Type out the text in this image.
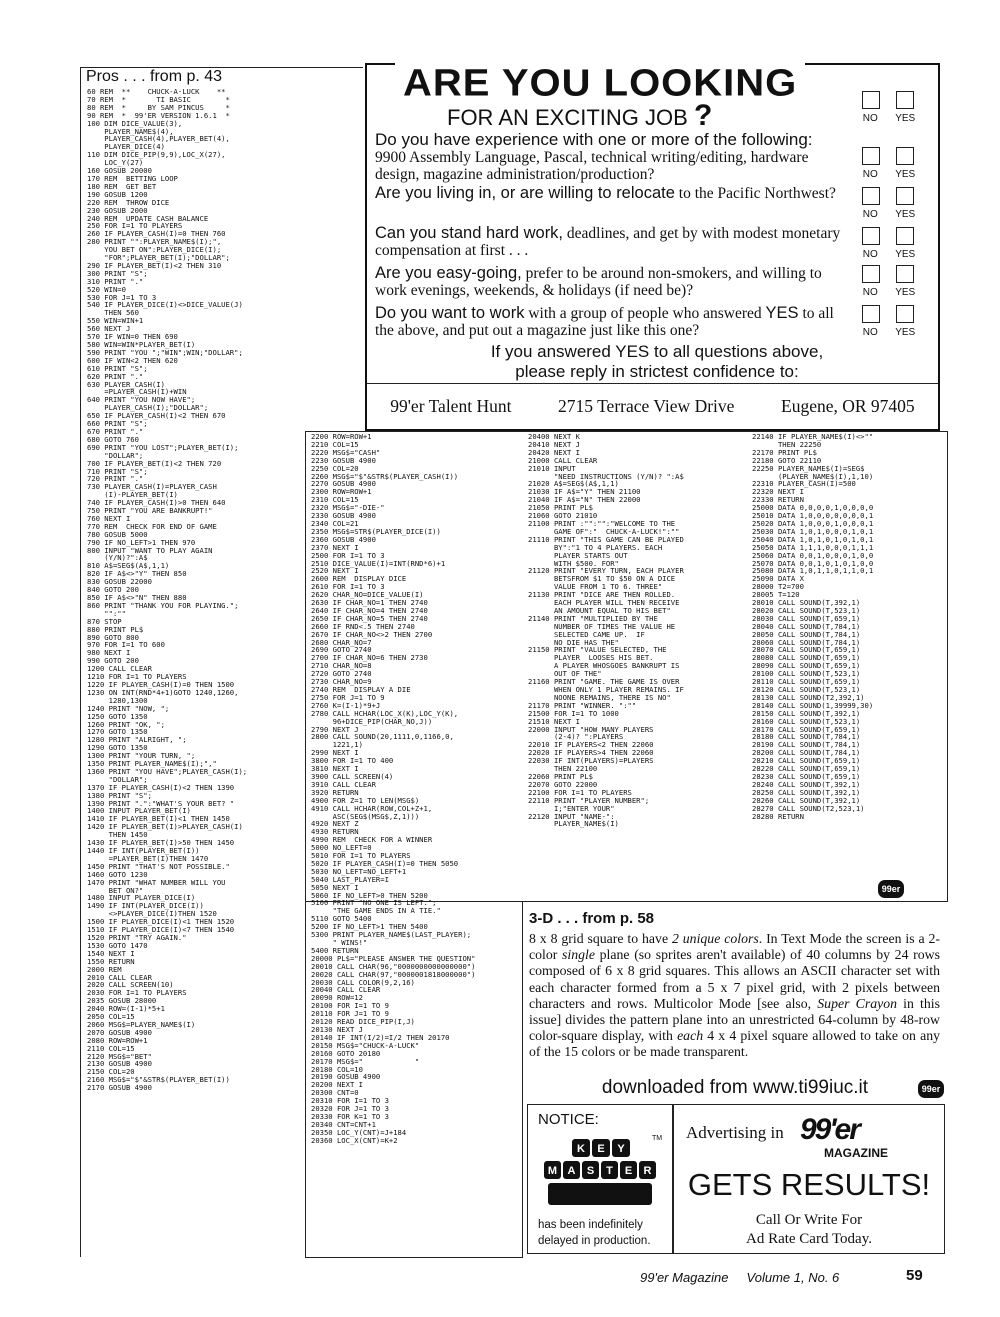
Pros . . . from p. 43
60 REM  **    CHUCK-A-LUCK    **
70 REM  *       TI BASIC        *
80 REM  *     BY SAM PINCUS     *
90 REM  *  99'ER VERSION 1.6.1  *
100 DIM DICE_VALUE(3),
PLAYER_NAME$(4),
PLAYER_CASH(4),PLAYER_BET(4),
PLAYER_DICE(4)
110 DIM DICE_PIP(9,9),LOC_X(27),
LOC_Y(27)
160 GOSUB 20000
170 REM  BETTING LOOP
180 REM  GET BET
190 GOSUB 1200
220 REM  THROW DICE
230 GOSUB 2000
240 REM  UPDATE CASH BALANCE
250 FOR I=1 TO PLAYERS
260 IF PLAYER_CASH(I)=0 THEN 760
280 PRINT "":PLAYER_NAME$(I);",
YOU BET ON":PLAYER_DICE(I);
"FOR";PLAYER_BET(I);"DOLLAR";
290 IF PLAYER_BET(I)<2 THEN 310
300 PRINT "S";
310 PRINT "."
520 WIN=0
530 FOR J=1 TO 3
540 IF PLAYER_DICE(I)<>DICE_VALUE(J)
THEN 560
550 WIN=WIN+1
560 NEXT J
570 IF WIN=0 THEN 690
580 WIN=WIN*PLAYER_BET(I)
590 PRINT "YOU ";"WIN";WIN;"DOLLAR";
600 IF WIN<2 THEN 620
610 PRINT "S";
620 PRINT "."
630 PLAYER_CASH(I)
=PLAYER_CASH(I)+WIN
640 PRINT "YOU NOW HAVE";
PLAYER_CASH(I);"DOLLAR";
650 IF PLAYER_CASH(I)<2 THEN 670
660 PRINT "S";
670 PRINT "."
680 GOTO 760
690 PRINT "YOU LOST";PLAYER_BET(I);
"DOLLAR";
700 IF PLAYER_BET(I)<2 THEN 720
710 PRINT "S";
720 PRINT "."
730 PLAYER_CASH(I)=PLAYER_CASH
(I)-PLAYER_BET(I)
740 IF PLAYER_CASH(I)>0 THEN 640
750 PRINT "YOU ARE BANKRUPT!"
760 NEXT I
770 REM  CHECK FOR END OF GAME
780 GOSUB 5000
790 IF NO_LEFT>1 THEN 970
800 INPUT "WANT TO PLAY AGAIN
(Y/N)?":A$
810 A$=SEG$(A$,1,1)
820 IF A$<>"Y" THEN 850
830 GOSUB 22000
840 GOTO 200
850 IF A$<>"N" THEN 880
860 PRINT "THANK YOU FOR PLAYING.";
"":""
870 STOP
880 PRINT PL$
890 GOTO 800
970 FOR I=1 TO 600
980 NEXT I
990 GOTO 200
1200 CALL CLEAR
1210 FOR I=1 TO PLAYERS
1220 IF PLAYER_CASH(I)=0 THEN 1500
1230 ON INT(RND*4+1)GOTO 1240,1260,
1280,1300
1240 PRINT "NOW, ";
1250 GOTO 1350
1260 PRINT "OK, ";
1270 GOTO 1350
1280 PRINT "ALRIGHT, ";
1290 GOTO 1350
1300 PRINT "YOUR TURN, ";
1350 PRINT PLAYER_NAME$(I);","
1360 PRINT "YOU HAVE";PLAYER_CASH(I);
"DOLLAR";
1370 IF PLAYER_CASH(I)<2 THEN 1390
1380 PRINT "S";
1390 PRINT ".":"WHAT'S YOUR BET? "
1400 INPUT PLAYER_BET(I)
1410 IF PLAYER_BET(I)<1 THEN 1450
1420 IF PLAYER_BET(I)>PLAYER_CASH(I)
THEN 1450
1430 IF PLAYER_BET(I)>50 THEN 1450
1440 IF INT(PLAYER_BET(I))
=PLAYER_BET(I)THEN 1470
1450 PRINT "THAT'S NOT POSSIBLE."
1460 GOTO 1230
1470 PRINT "WHAT NUMBER WILL YOU
BET ON?"
1480 INPUT PLAYER_DICE(I)
1490 IF INT(PLAYER_DICE(I))
<>PLAYER_DICE(I)THEN 1520
1500 IF PLAYER_DICE(I)<1 THEN 1520
1510 IF PLAYER_DICE(I)<7 THEN 1540
1520 PRINT "TRY AGAIN."
1530 GOTO 1470
1540 NEXT I
1550 RETURN
2000 REM
2010 CALL CLEAR
2020 CALL SCREEN(10)
2030 FOR I=1 TO PLAYERS
2035 GOSUB 28000
2040 ROW=(I-1)*5+1
2050 COL=15
2060 MSG$=PLAYER_NAME$(I)
2070 GOSUB 4900
2080 ROW=ROW+1
2110 COL=15
2120 MSG$="BET"
2130 GOSUB 4900
2150 COL=20
2160 MSG$="$"&STR$(PLAYER_BET(I))
2170 GOSUB 4900
2200 ROW=ROW+1
2210 COL=15
2220 MSG$="CASH"
2230 GOSUB 4900
2250 COL=20
2260 MSG$="$"&STR$(PLAYER_CASH(I))
2270 GOSUB 4900
2300 ROW=ROW+1
2310 COL=15
2320 MSG$="-DIE-"
2330 GOSUB 4900
2340 COL=21
2350 MSG$=STR$(PLAYER_DICE(I))
2360 GOSUB 4900
2370 NEXT I
2500 FOR I=1 TO 3
2510 DICE_VALUE(I)=INT(RND*6)+1
2520 NEXT I
2600 REM  DISPLAY DICE
2610 FOR I=1 TO 3
2620 CHAR_NO=DICE_VALUE(I)
2630 IF CHAR_NO=1 THEN 2740
2640 IF CHAR_NO=4 THEN 2740
2650 IF CHAR_NO=5 THEN 2740
2660 IF RND<.5 THEN 2740
2670 IF CHAR_NO<>2 THEN 2700
2680 CHAR_NO=7
2690 GOTO 2740
2700 IF CHAR_NO=6 THEN 2730
2710 CHAR_NO=8
2720 GOTO 2740
2730 CHAR_NO=9
2740 REM  DISPLAY A DIE
2750 FOR J=1 TO 9
2760 K=(I-1)*9+J
2780 CALL HCHAR(LOC_X(K),LOC_Y(K),
96+DICE_PIP(CHAR_NO,J))
2790 NEXT J
2800 CALL SOUND(20,1111,0,1166,0,
1221,1)
2990 NEXT I
3800 FOR I=1 TO 400
3810 NEXT I
3900 CALL SCREEN(4)
3910 CALL CLEAR
3920 RETURN
4900 FOR Z=1 TO LEN(MSG$)
4910 CALL HCHAR(ROW,COL+Z+1,
ASC(SEG$(MSG$,Z,1)))
4920 NEXT Z
4930 RETURN
4990 REM  CHECK FOR A WINNER
5000 NO_LEFT=0
5010 FOR I=1 TO PLAYERS
5020 IF PLAYER_CASH(I)=0 THEN 5050
5030 NO_LEFT=NO_LEFT+1
5040 LAST_PLAYER=I
5050 NEXT I
5060 IF NO_LEFT>0 THEN 5200
5100 PRINT "NO ONE IS LEFT.";
"THE GAME ENDS IN A TIE."
5110 GOTO 5400
5200 IF NO_LEFT>1 THEN 5400
5300 PRINT PLAYER_NAME$(LAST_PLAYER);
" WINS!"
5400 RETURN
20000 PL$="PLEASE ANSWER THE QUESTION"
20010 CALL CHAR(96,"0000000000000000")
20020 CALL CHAR(97,"0000001818000000")
20030 CALL COLOR(9,2,16)
20040 CALL CLEAR
20090 ROW=12
20100 FOR I=1 TO 9
20110 FOR J=1 TO 9
20120 READ DICE_PIP(I,J)
20130 NEXT J
20140 IF INT(I/2)=I/2 THEN 20170
20150 MSG$="CHUCK-A-LUCK"
20160 GOTO 20180
20170 MSG$="            "
20180 COL=10
20190 GOSUB 4900
20200 NEXT I
20300 CNT=0
20310 FOR I=1 TO 3
20320 FOR J=1 TO 3
20330 FOR K=1 TO 3
20340 CNT=CNT+1
20350 LOC_Y(CNT)=J+184
20360 LOC_X(CNT)=K+2
20400 NEXT K
20410 NEXT J
20420 NEXT I
21000 CALL CLEAR
21010 INPUT
"NEED INSTRUCTIONS (Y/N)? ":A$
21020 A$=SEG$(A$,1,1)
21030 IF A$="Y" THEN 21100
21040 IF A$="N" THEN 22000
21050 PRINT PL$
21060 GOTO 21010
21100 PRINT :"":"":"WELCOME TO THE
GAME OF":"  CHUCK-A-LUCK!":""
21110 PRINT "THIS GAME CAN BE PLAYED
BY":"1 TO 4 PLAYERS. EACH
PLAYER STARTS OUT
WITH $500. FOR"
21120 PRINT "EVERY TURN, EACH PLAYER
BETSFROM $1 TO $50 ON A DICE
VALUE FROM 1 TO 6. THREE"
21130 PRINT "DICE ARE THEN ROLLED.
EACH PLAYER WILL THEN RECEIVE
AN AMOUNT EQUAL TO HIS BET"
21140 PRINT "MULTIPLIED BY THE
NUMBER OF TIMES THE VALUE HE
SELECTED CAME UP.  IF
NO DIE HAS THE"
21150 PRINT "VALUE SELECTED, THE
PLAYER  LOOSES HIS BET.
A PLAYER WHOSGOES BANKRUPT IS
OUT OF THE"
21160 PRINT "GAME. THE GAME IS OVER
WHEN ONLY 1 PLAYER REMAINS. IF
NOONE REMAINS, THERE IS NO"
21170 PRINT "WINNER. ":""
21500 FOR I=1 TO 1000
21510 NEXT I
22000 INPUT "HOW MANY PLAYERS
(2-4)? ":PLAYERS
22010 IF PLAYERS<2 THEN 22060
22020 IF PLAYERS>4 THEN 22060
22030 IF INT(PLAYERS)=PLAYERS
THEN 22100
22060 PRINT PL$
22070 GOTO 22000
22100 FOR I=1 TO PLAYERS
22110 PRINT "PLAYER NUMBER";
I;"ENTER YOUR"
22120 INPUT "NAME-":
PLAYER_NAME$(I)
22140 IF PLAYER_NAME$(I)<>""
THEN 22250
22170 PRINT PL$
22180 GOTO 22110
22250 PLAYER_NAME$(I)=SEG$
(PLAYER_NAME$(I),1,10)
22310 PLAYER_CASH(I)=500
22320 NEXT I
22330 RETURN
25000 DATA 0,0,0,0,1,0,0,0,0
25010 DATA 1,0,0,0,0,0,0,0,1
25020 DATA 1,0,0,0,1,0,0,0,1
25030 DATA 1,0,1,0,0,0,1,0,1
25040 DATA 1,0,1,0,1,0,1,0,1
25050 DATA 1,1,1,0,0,0,1,1,1
25060 DATA 0,0,1,0,0,0,1,0,0
25070 DATA 0,0,1,0,1,0,1,0,0
25080 DATA 1,0,1,1,0,1,1,0,1
25090 DATA X
28000 T2=700
28005 T=120
28010 CALL SOUND(T,392,1)
28020 CALL SOUND(T,523,1)
28030 CALL SOUND(T,659,1)
28040 CALL SOUND(T,784,1)
28050 CALL SOUND(T,784,1)
28060 CALL SOUND(T,784,1)
28070 CALL SOUND(T,659,1)
28080 CALL SOUND(T,659,1)
28090 CALL SOUND(T,659,1)
28100 CALL SOUND(T,523,1)
28110 CALL SOUND(T,659,1)
28120 CALL SOUND(T,523,1)
28130 CALL SOUND(T2,392,1)
28140 CALL SOUND(1,39999,30)
28150 CALL SOUND(T,392,1)
28160 CALL SOUND(T,523,1)
28170 CALL SOUND(T,659,1)
28180 CALL SOUND(T,784,1)
28190 CALL SOUND(T,784,1)
28200 CALL SOUND(T,784,1)
28210 CALL SOUND(T,659,1)
28220 CALL SOUND(T,659,1)
28230 CALL SOUND(T,659,1)
28240 CALL SOUND(T,392,1)
28250 CALL SOUND(T,392,1)
28260 CALL SOUND(T,392,1)
28270 CALL SOUND(T2,523,1)
28280 RETURN
99er
ARE YOU LOOKING
FOR AN EXCITING JOB ?	NO YES
Do you have experience with one or more of the following:
9900 Assembly Language, Pascal, technical writing/editing, hardware design, magazine administration/production?	NO YES
Are you living in, or are willing to relocate to the Pacific Northwest?
NO YES
Can you stand hard work, deadlines, and get by with modest monetary compensation at first . . .	NO YES
Are you easy-going, prefer to be around non-smokers, and willing to work evenings, weekends, & holidays (if need be)?	NO YES
Do you want to work with a group of people who answered YES to all the above, and put out a magazine just like this one?	NO YES
If you answered YES to all questions above,
please reply in strictest confidence to:
99'er Talent Hunt	2715 Terrace View Drive	Eugene, OR 97405
3-D . . . from p. 58
8 x 8 grid square to have 2 unique colors. In Text Mode the screen is a 2-color single plane (so sprites aren't available) of 40 columns by 24 rows composed of 6 x 8 grid squares. This allows an ASCII character set with each character formed from a 5 x 7 pixel grid, with 2 pixels between characters and rows. Multicolor Mode [see also, Super Crayon in this issue] divides the pattern plane into an unrestricted 64-column by 48-row color-square display, with each 4 x 4 pixel square allowed to take on any of the 15 colors or be made transparent.
downloaded from www.ti99iuc.it	99er
NOTICE:
K E Y
M A S T E R
TM
has been indefinitely
delayed in production.
Advertising in 99'er
MAGAZINE
GETS RESULTS!
Call Or Write For
Ad Rate Card Today.
99'er Magazine     Volume 1, No. 6	59
